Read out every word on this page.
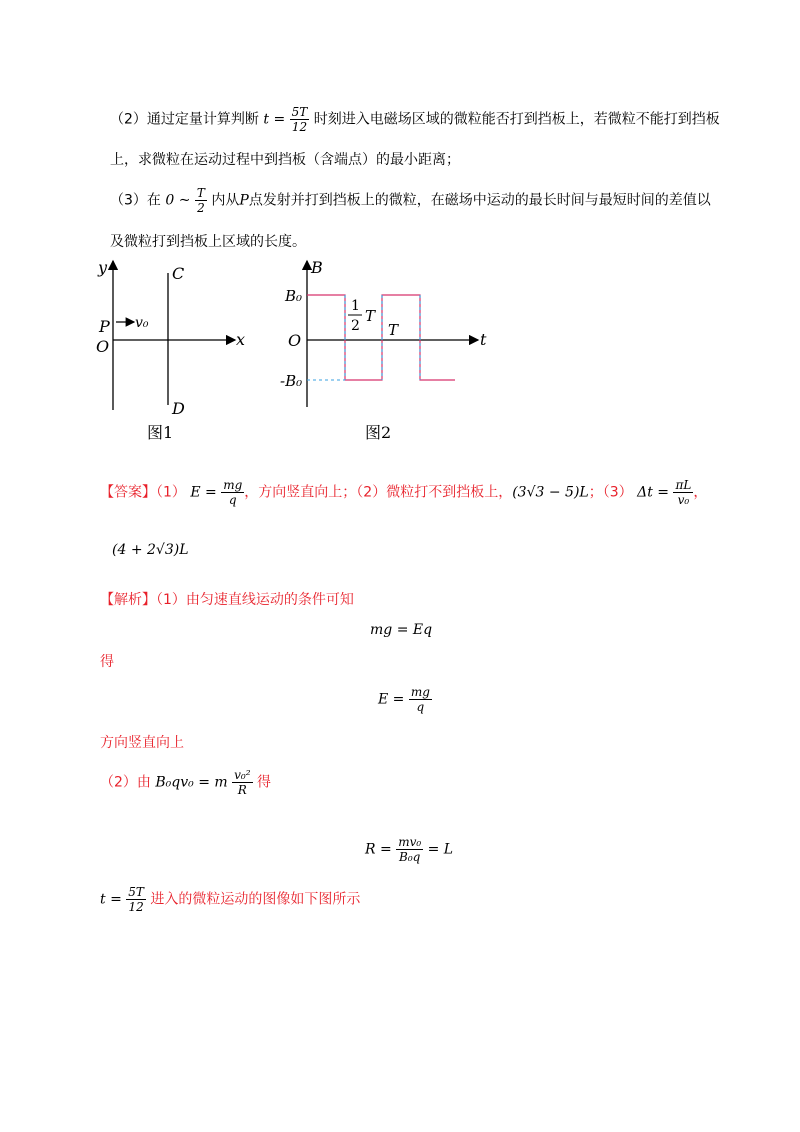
（2）通过定量计算判断 $t = \frac{5T}{12}$ 时刻进入电磁场区域的微粒能否打到挡板上，若微粒不能打到挡板
上，求微粒在运动过程中到挡板（含端点）的最小距离；
（3）在 0 ~ $\frac{T}{2}$ 内从P点发射并打到挡板上的微粒，在磁场中运动的最长时间与最短时间的差值以
及微粒打到挡板上区域的长度。
y
x
C
D
P
O
v₀
图1
B
t
O
B₀
-B₀
1
2
T
T
图2
【答案】（1） $E = \frac{mg}{q}$ ，方向竖直向上；（2）微粒打不到挡板上，(3√3 − 5)L；（3） $\Delta t = \frac{\pi L}{\text{v₀}}$ ，
(4 + 2√3)L
【解析】（1）由匀速直线运动的条件可知
mg = Eq
得
$E = \frac{mg}{q}$
方向竖直向上
（2）由 B₀qv₀ = m $\frac{\text{v₀²}}{R}$ 得
$R = \frac{\text{mv₀}}{\text{B₀q}} = L$
$t = \frac{5T}{12}$ 进入的微粒运动的图像如下图所示
